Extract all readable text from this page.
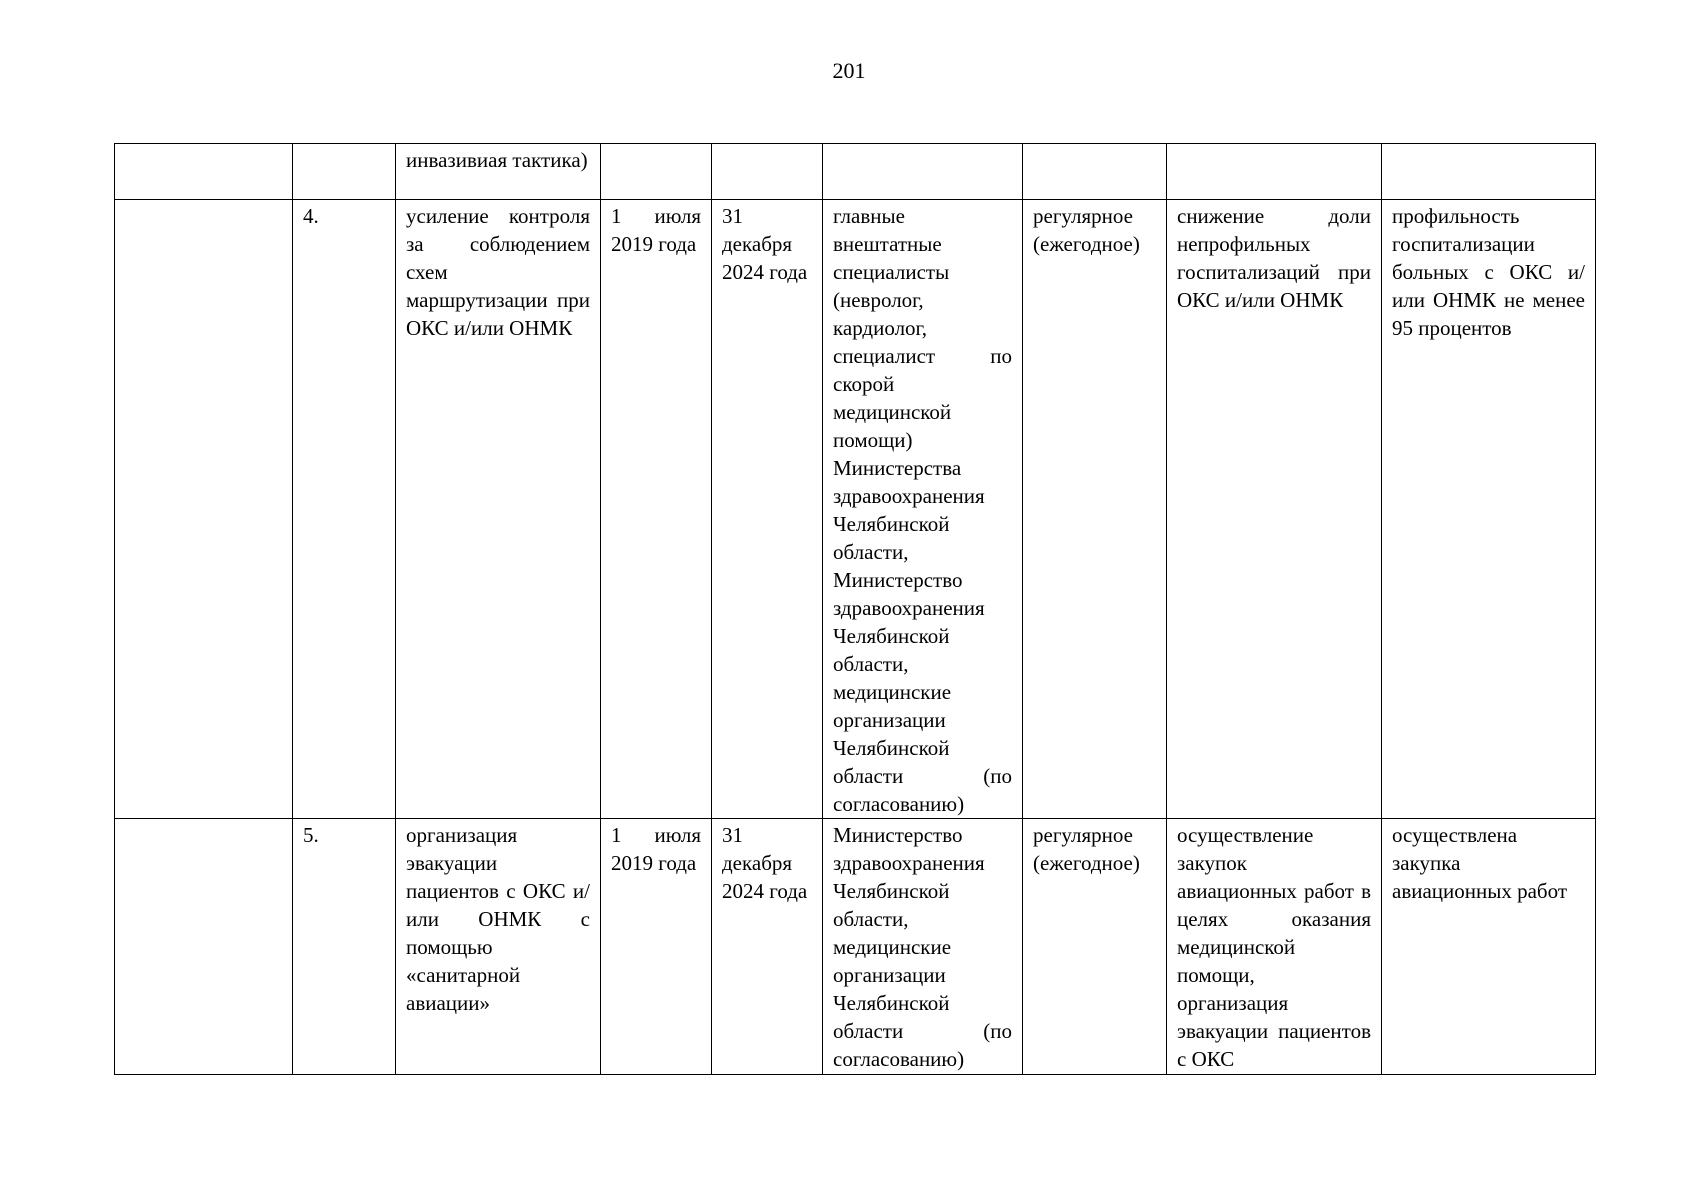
201
		инвазивиая тактика)						
	4.	усиление контроля за соблюдением схем маршрутизации при ОКС и/или ОНМК	1 июля 2019 года	31 декабря 2024 года	главные внештатные специалисты (невролог, кардиолог, специалист по скорой медицинской помощи) Министерства здравоохранения Челябинской области, Министерство здравоохранения Челябинской области, медицинские организации Челябинской области (по согласованию)	регулярное (ежегодное)	снижение доли непрофильных госпитализаций при ОКС и/или ОНМК	профильность госпитализации больных с ОКС и/или ОНМК не менее 95 процентов
	5.	организация эвакуации пациентов с ОКС и/или ОНМК с помощью «санитарной авиации»	1 июля 2019 года	31 декабря 2024 года	Министерство здравоохранения Челябинской области, медицинские организации Челябинской области (по согласованию)	регулярное (ежегодное)	осуществление закупок авиационных работ в целях оказания медицинской помощи, организация эвакуации пациентов с ОКС	осуществлена закупка авиационных работ
